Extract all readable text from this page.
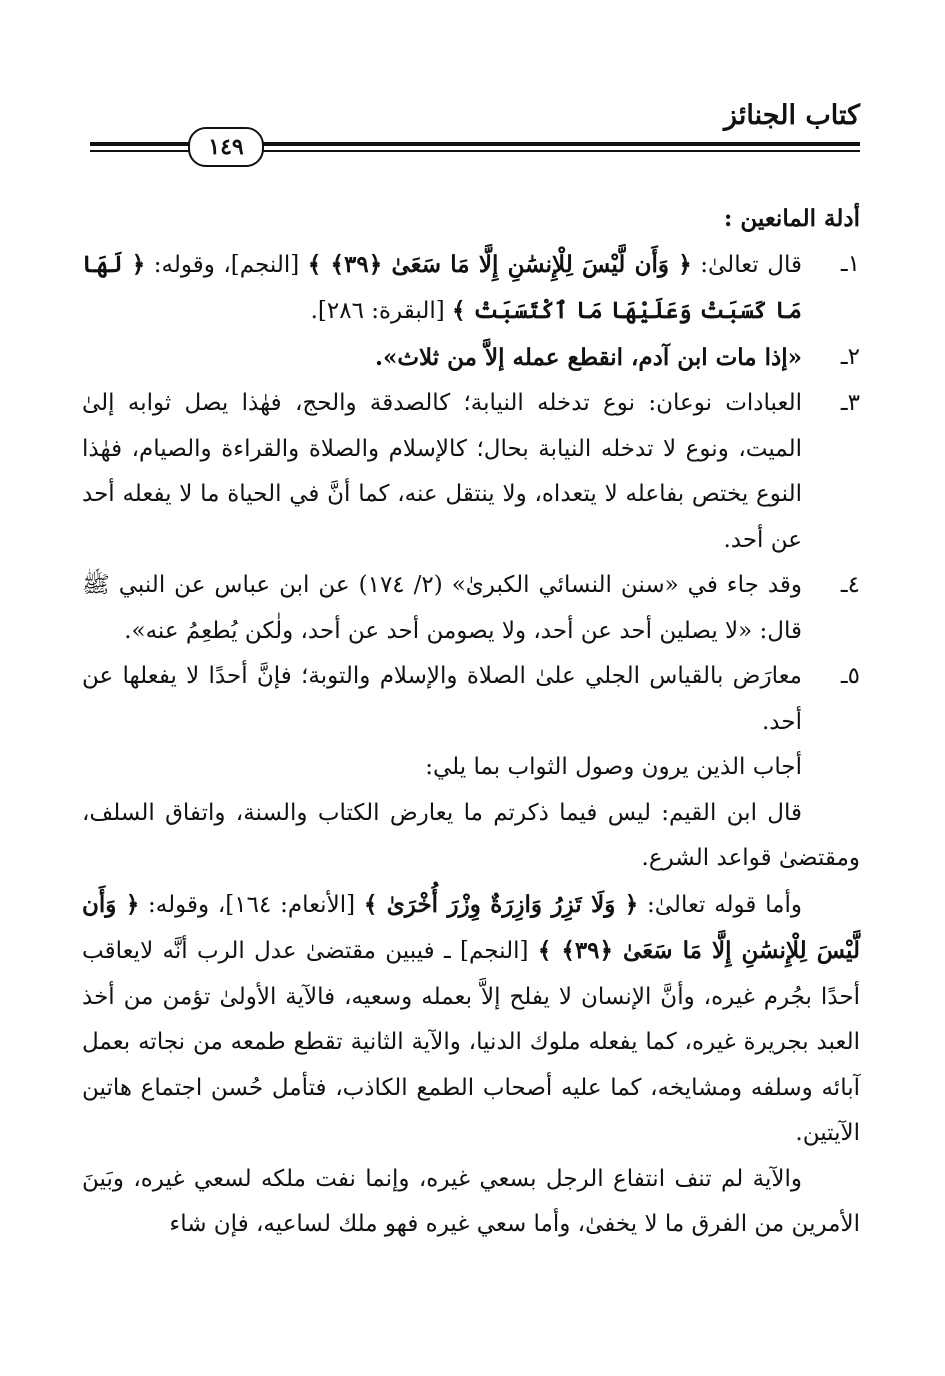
كتاب الجنائز
١٤٩

أدلة المانعين :

١ـ
قال تعالىٰ: ﴿ وَأَن لَّيْسَ لِلْإِنسَٰنِ إِلَّا مَا سَعَىٰ ﴿٣٩﴾ ﴾ [النجم]، وقوله: ﴿ لَهَا مَا كَسَبَتْ وَعَلَيْهَا مَا ٱكْتَسَبَتْ ﴾ [البقرة: ٢٨٦].
٢ـ
«إذا مات ابن آدم، انقطع عمله إلاَّ من ثلاث».
٣ـ
العبادات نوعان: نوع تدخله النيابة؛ كالصدقة والحج، فهٰذا يصل ثوابه إلىٰ الميت، ونوع لا تدخله النيابة بحال؛ كالإسلام والصلاة والقراءة والصيام، فهٰذا النوع يختص بفاعله لا يتعداه، ولا ينتقل عنه، كما أنَّ في الحياة ما لا يفعله أحد عن أحد.
٤ـ
وقد جاء في «سنن النسائي الكبرىٰ» (٢/ ١٧٤) عن ابن عباس عن النبي ﷺ قال: «لا يصلين أحد عن أحد، ولا يصومن أحد عن أحد، ولٰكن يُطعِمُ عنه».
٥ـ
معارَض بالقياس الجلي علىٰ الصلاة والإسلام والتوبة؛ فإنَّ أحدًا لا يفعلها عن أحد.

أجاب الذين يرون وصول الثواب بما يلي:

قال ابن القيم: ليس فيما ذكرتم ما يعارض الكتاب والسنة، واتفاق السلف، ومقتضىٰ قواعد الشرع.

وأما قوله تعالىٰ: ﴿ وَلَا تَزِرُ وَازِرَةٌ وِزْرَ أُخْرَىٰ ﴾ [الأنعام: ١٦٤]، وقوله: ﴿ وَأَن لَّيْسَ لِلْإِنسَٰنِ إِلَّا مَا سَعَىٰ ﴿٣٩﴾ ﴾ [النجم] ـ فيبين مقتضىٰ عدل الرب أنَّه لايعاقب أحدًا بجُرم غيره، وأنَّ الإنسان لا يفلح إلاَّ بعمله وسعيه، فالآية الأولىٰ تؤمن من أخذ العبد بجريرة غيره، كما يفعله ملوك الدنيا، والآية الثانية تقطع طمعه من نجاته بعمل آبائه وسلفه ومشايخه، كما عليه أصحاب الطمع الكاذب، فتأمل حُسن اجتماع هاتين الآيتين.

والآية لم تنف انتفاع الرجل بسعي غيره، وإنما نفت ملكه لسعي غيره، وبَينَ الأمرين من الفرق ما لا يخفىٰ، وأما سعي غيره فهو ملك لساعيه، فإن شاء
